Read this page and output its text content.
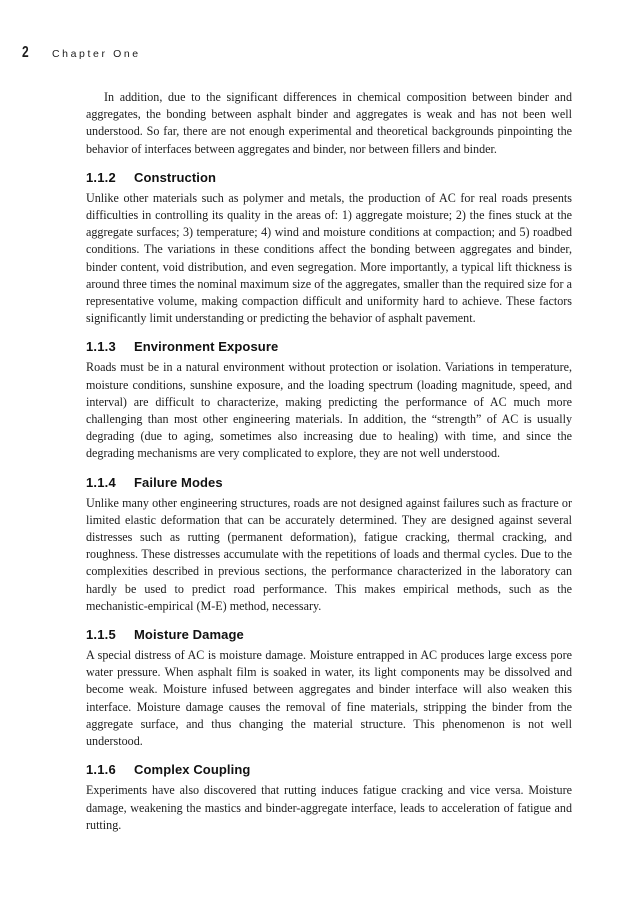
2 Chapter One

In addition, due to the significant differences in chemical composition between binder and aggregates, the bonding between asphalt binder and aggregates is weak and has not been well understood. So far, there are not enough experimental and theoretical backgrounds pinpointing the behavior of interfaces between aggregates and binder, nor between fillers and binder.

1.1.2	Construction

Unlike other materials such as polymer and metals, the production of AC for real roads presents difficulties in controlling its quality in the areas of: 1) aggregate moisture; 2) the fines stuck at the aggregate surfaces; 3) temperature; 4) wind and moisture conditions at compaction; and 5) roadbed conditions. The variations in these conditions affect the bonding between aggregates and binder, binder content, void distribution, and even segregation. More importantly, a typical lift thickness is around three times the nominal maximum size of the aggregates, smaller than the required size for a representative volume, making compaction difficult and uniformity hard to achieve. These factors significantly limit understanding or predicting the behavior of asphalt pavement.

1.1.3	Environment Exposure

Roads must be in a natural environment without protection or isolation. Variations in temperature, moisture conditions, sunshine exposure, and the loading spectrum (loading magnitude, speed, and interval) are difficult to characterize, making predicting the performance of AC much more challenging than most other engineering materials. In addition, the “strength” of AC is usually degrading (due to aging, sometimes also increasing due to healing) with time, and since the degrading mechanisms are very complicated to explore, they are not well understood.

1.1.4	Failure Modes

Unlike many other engineering structures, roads are not designed against failures such as fracture or limited elastic deformation that can be accurately determined. They are designed against several distresses such as rutting (permanent deformation), fatigue cracking, thermal cracking, and roughness. These distresses accumulate with the repetitions of loads and thermal cycles. Due to the complexities described in previous sections, the performance characterized in the laboratory can hardly be used to predict road performance. This makes empirical methods, such as the mechanistic-empirical (M-E) method, necessary.

1.1.5	Moisture Damage

A special distress of AC is moisture damage. Moisture entrapped in AC produces large excess pore water pressure. When asphalt film is soaked in water, its light components may be dissolved and become weak. Moisture infused between aggregates and binder interface will also weaken this interface. Moisture damage causes the removal of fine materials, stripping the binder from the aggregate surface, and thus changing the material structure. This phenomenon is not well understood.

1.1.6	Complex Coupling

Experiments have also discovered that rutting induces fatigue cracking and vice versa. Moisture damage, weakening the mastics and binder-aggregate interface, leads to acceleration of fatigue and rutting.
